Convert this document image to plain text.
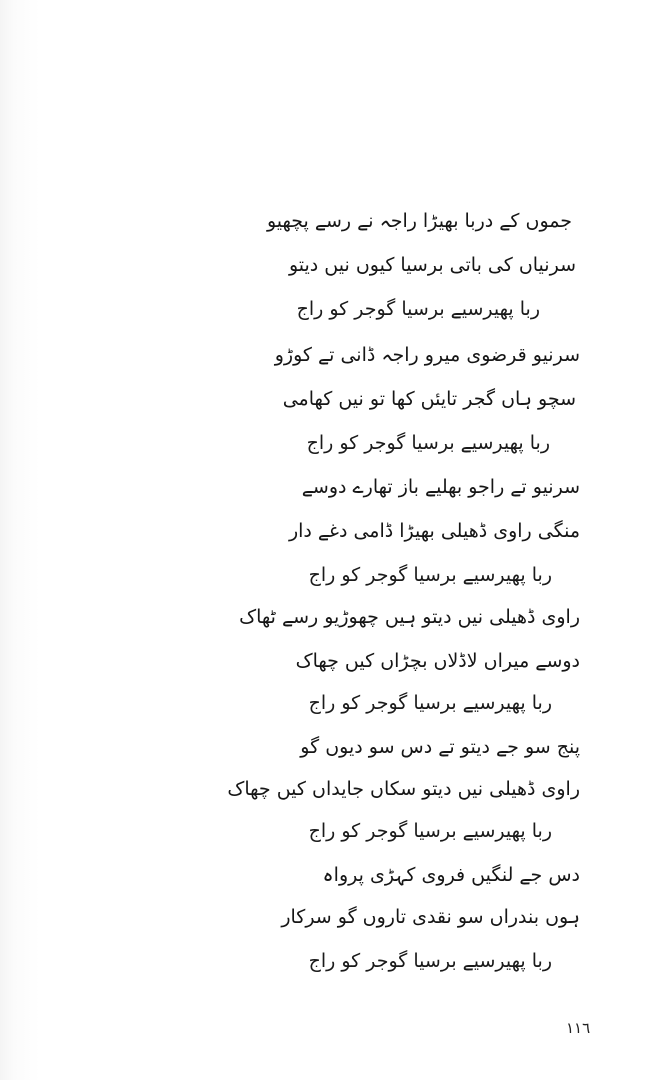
جموں کے دربا بھیڑا راجہ نے رسے پچھیو
سرنیاں کی باتی برسیا کیوں نیں دیتو
ربا پھیرسیے برسیا گوجر کو راج
سرنیو قرضوی میرو راجہ ڈانی تے کوڑو
سچو ہاں گجر تایئں کھا تو نیں کھامی
ربا پھیرسیے برسیا گوجر کو راج
سرنیو تے راجو بھلیے باز تھارے دوسے
منگی راوی ڈھیلی بھیڑا ڈامی دغے دار
ربا پھیرسیے برسیا گوجر کو راج
راوی ڈھیلی نیں دیتو ہیں چھوڑیو رسے ٹھاک
دوسے میراں لاڈلاں بچڑاں کیں چھاک
ربا پھیرسیے برسیا گوجر کو راج
پنج سو جے دیتو تے دس سو دیوں گو
راوی ڈھیلی نیں دیتو سکاں جایداں کیں چھاک
ربا پھیرسیے برسیا گوجر کو راج
دس جے لنگیں فروی کہڑی پرواہ
ہوں بندراں سو نقدی تاروں گو سرکار
ربا پھیرسیے برسیا گوجر کو راج
١١٦
